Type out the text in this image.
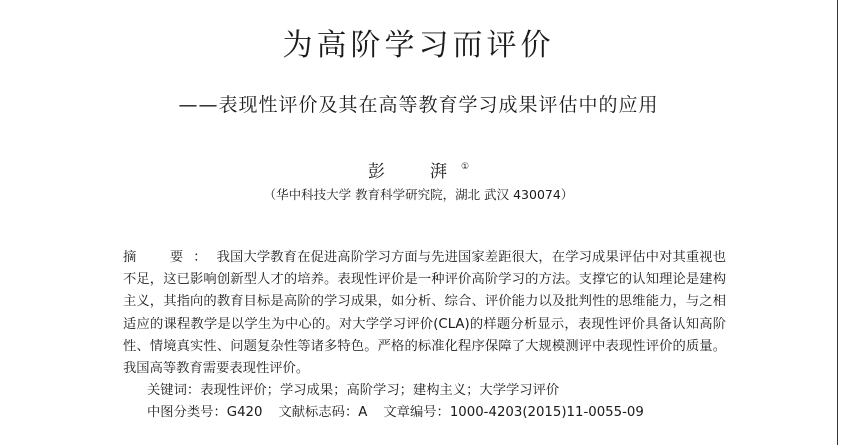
为高阶学习而评价
——表现性评价及其在高等教育学习成果评估中的应用
彭　湃①
（华中科技大学 教育科学研究院，湖北 武汉 430074）

摘　要：我国大学教育在促进高阶学习方面与先进国家差距很大，在学习成果评估中对其重视也不足，这已影响创新型人才的培养。表现性评价是一种评价高阶学习的方法。支撑它的认知理论是建构主义，其指向的教育目标是高阶的学习成果，如分析、综合、评价能力以及批判性的思维能力，与之相适应的课程教学是以学生为中心的。对大学学习评价(CLA)的样题分析显示，表现性评价具备认知高阶性、情境真实性、问题复杂性等诸多特色。严格的标准化程序保障了大规模测评中表现性评价的质量。我国高等教育需要表现性评价。

关键词：表现性评价；学习成果；高阶学习；建构主义；大学学习评价
中图分类号：G420 文献标志码：A 文章编号：1000-4203(2015)11-0055-09
